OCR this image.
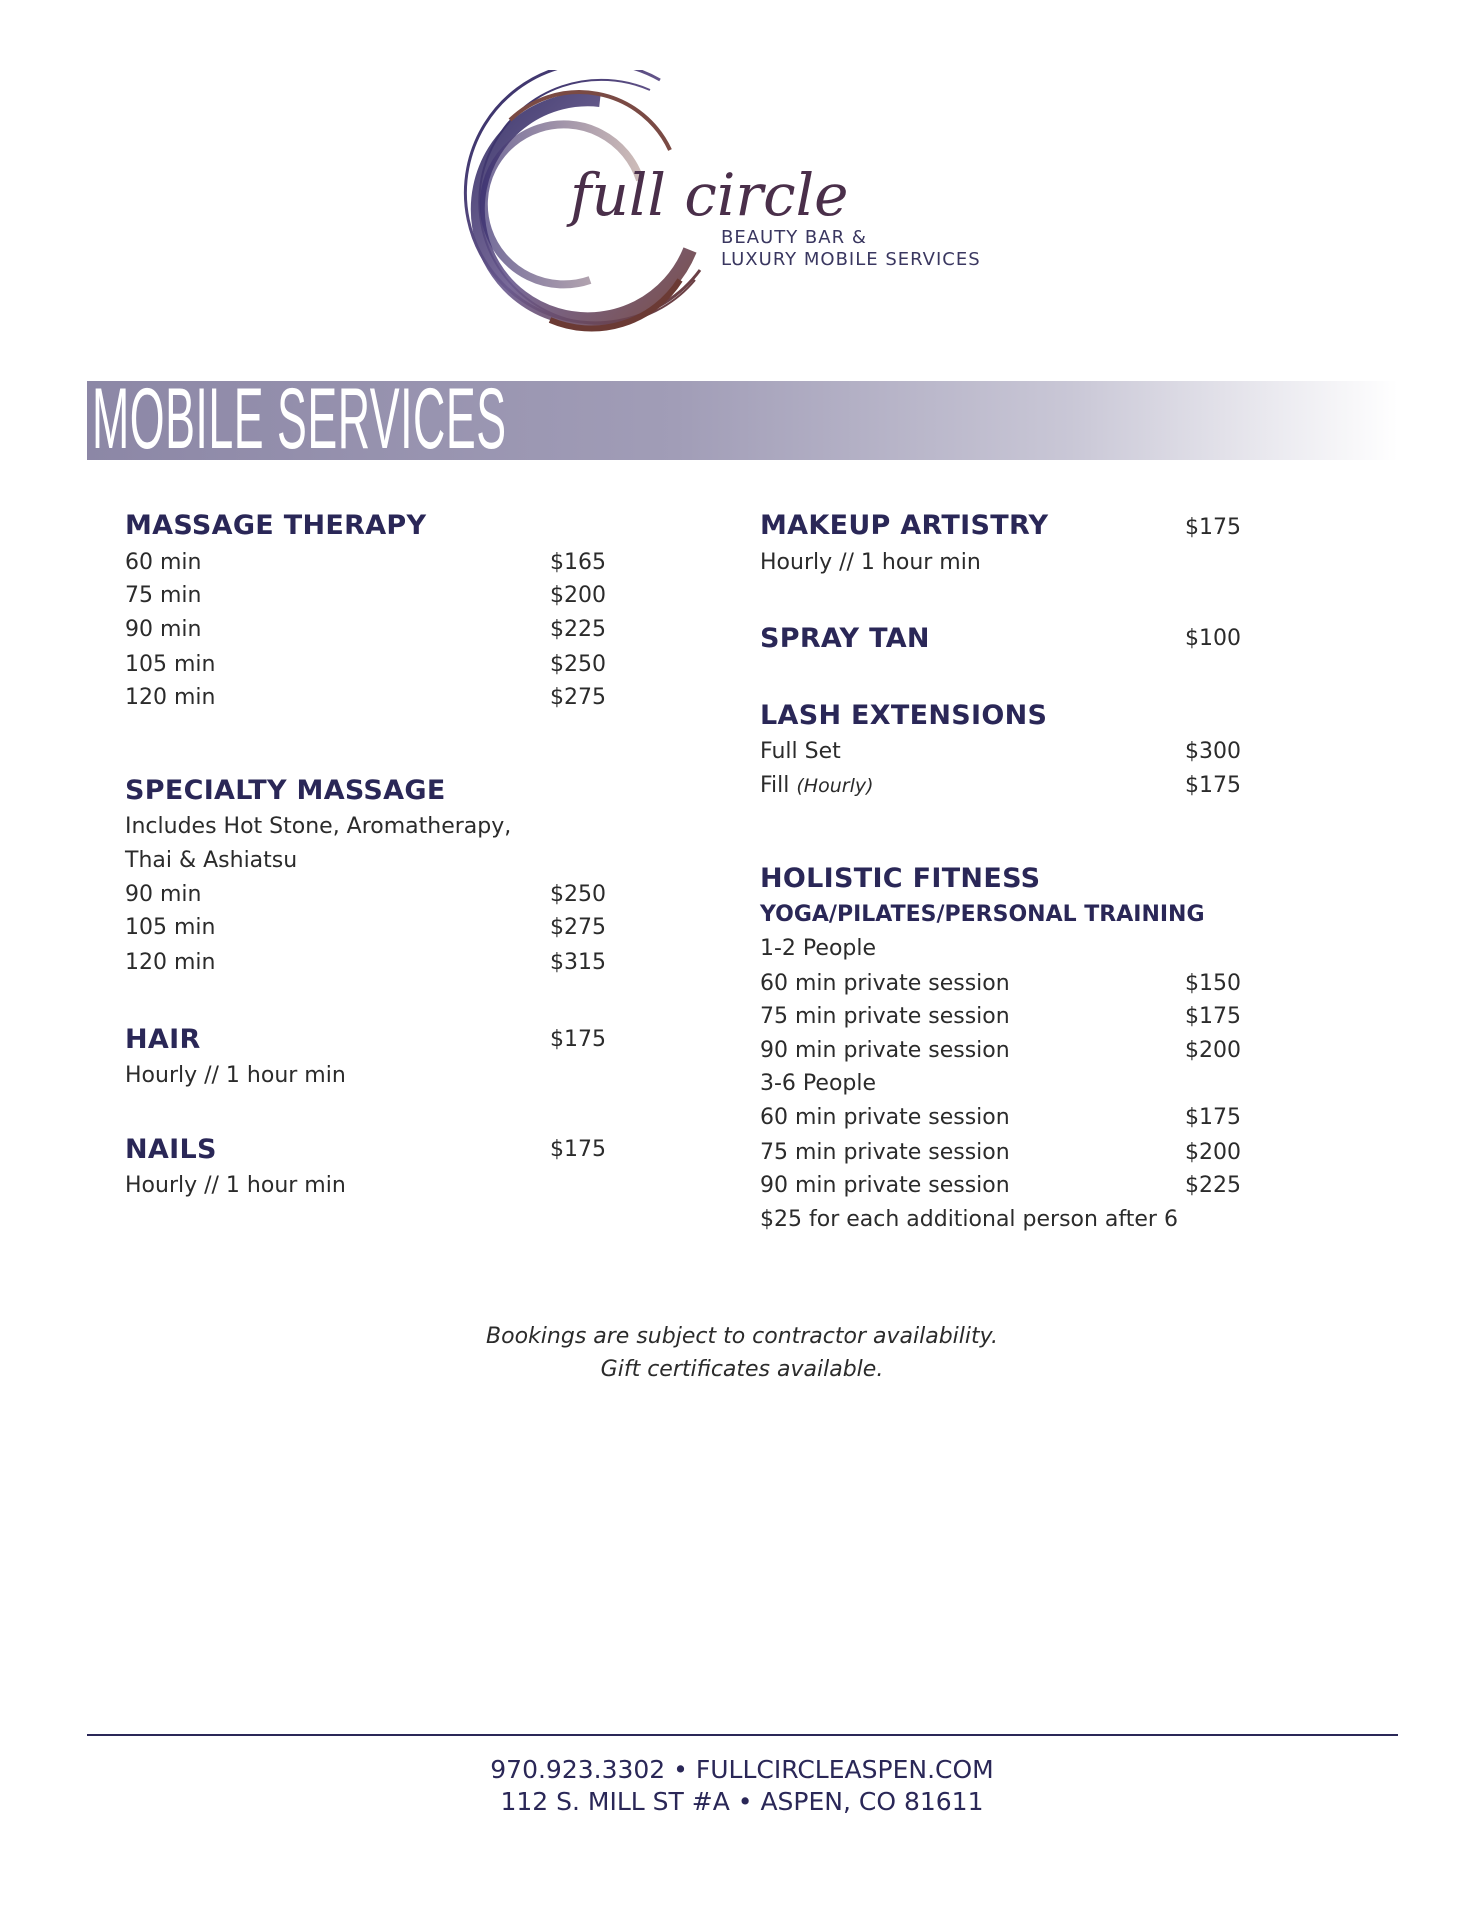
full circle
BEAUTY BAR &
LUXURY MOBILE SERVICES
MOBILE SERVICES
MASSAGE THERAPY
60 min	$165
75 min	$200
90 min	$225
105 min	$250
120 min	$275
SPECIALTY MASSAGE
Includes Hot Stone, Aromatherapy,
Thai & Ashiatsu
90 min	$250
105 min	$275
120 min	$315
HAIR	$175
Hourly // 1 hour min
NAILS	$175
Hourly // 1 hour min
MAKEUP ARTISTRY	$175
Hourly // 1 hour min
SPRAY TAN	$100
LASH EXTENSIONS
Full Set	$300
Fill (Hourly)	$175
HOLISTIC FITNESS
YOGA/PILATES/PERSONAL TRAINING
1-2 People
60 min private session	$150
75 min private session	$175
90 min private session	$200
3-6 People
60 min private session	$175
75 min private session	$200
90 min private session	$225
$25 for each additional person after 6
Bookings are subject to contractor availability.
Gift certificates available.
970.923.3302 • FULLCIRCLEASPEN.COM
112 S. MILL ST #A • ASPEN, CO 81611
